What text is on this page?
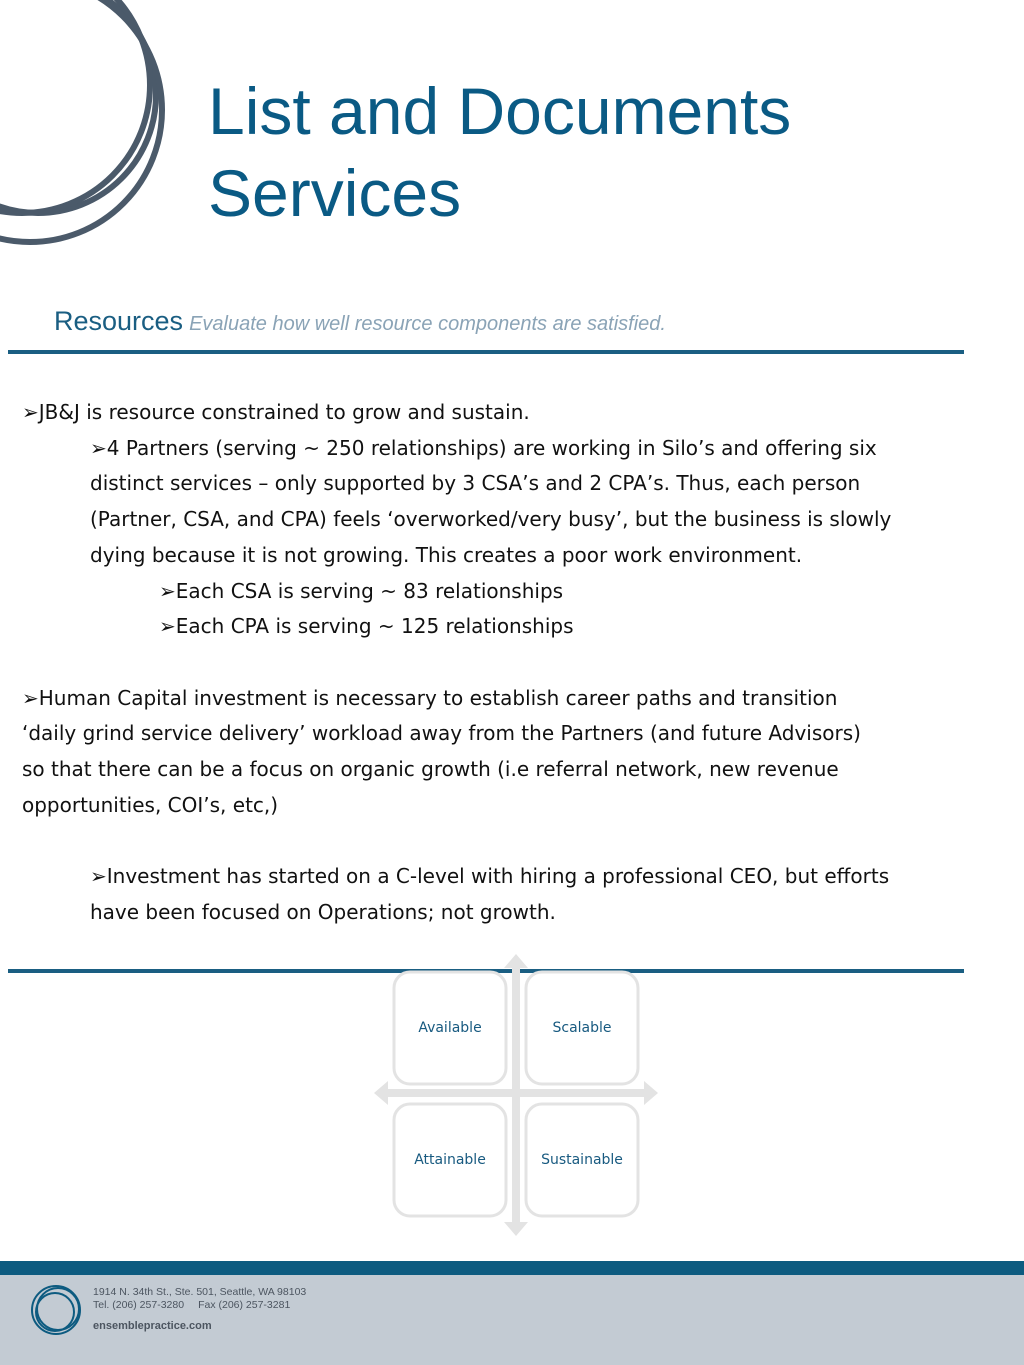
List and Documents
Services
Resources Evaluate how well resource components are satisfied.
➢JB&J is resource constrained to grow and sustain.
➢4 Partners (serving ~ 250 relationships) are working in Silo’s and offering six
distinct services – only supported by 3 CSA’s and 2 CPA’s. Thus, each person
(Partner, CSA, and CPA) feels ‘overworked/very busy’, but the business is slowly
dying because it is not growing. This creates a poor work environment.
➢Each CSA is serving ~ 83 relationships
➢Each CPA is serving ~ 125 relationships
➢Human Capital investment is necessary to establish career paths and transition
‘daily grind service delivery’ workload away from the Partners (and future Advisors)
so that there can be a focus on organic growth (i.e referral network, new revenue
opportunities, COI’s, etc,)
➢Investment has started on a C-level with hiring a professional CEO, but efforts
have been focused on Operations; not growth.
Available	Scalable
Attainable	Sustainable
1914 N. 34th St., Ste. 501, Seattle, WA 98103
Tel. (206) 257-3280 Fax (206) 257-3281
ensemblepractice.com
